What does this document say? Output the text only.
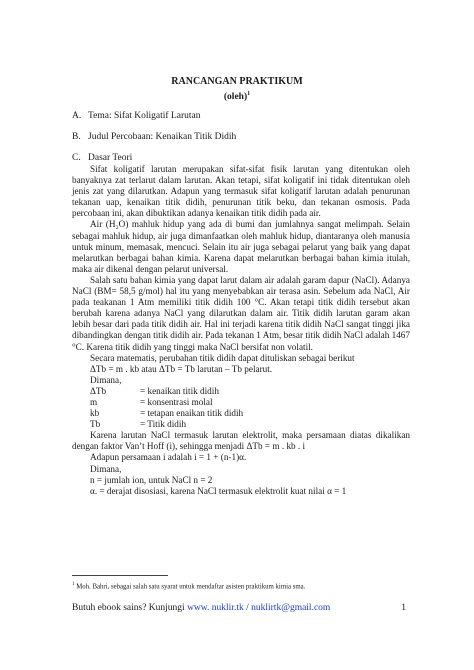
RANCANGAN PRAKTIKUM
(oleh)$^1$
A. Tema: Sifat Koligatif Larutan
B. Judul Percobaan: Kenaikan Titik Didih
C. Dasar Teori

Sifat koligatif larutan merupakan sifat-sifat fisik larutan yang ditentukan oleh banyaknya zat terlarut dalam larutan. Akan tetapi, sifat koligatif ini tidak ditentukan oleh jenis zat yang dilarutkan. Adapun yang termasuk sifat koligatif larutan adalah penurunan tekanan uap, kenaikan titik didih, penurunan titik beku, dan tekanan osmosis. Pada percobaan ini, akan dibuktikan adanya kenaikan titik didih pada air.

Air (H₂O) mahluk hidup yang ada di bumi dan jumlahnya sangat melimpah. Selain sebagai mahluk hidup, air juga dimanfaatkan oleh mahluk hidup, diantaranya oleh manusia untuk minum, memasak, mencuci. Selain itu air juga sebagai pelarut yang baik yang dapat melarutkan berbagai bahan kimia. Karena dapat melarutkan berbagai bahan kimia itulah, maka air dikenal dengan pelarut universal.

Salah satu bahan kimia yang dapat larut dalam air adalah garam dapur (NaCl). Adanya NaCl (BM= 58,5 g/mol) hal itu yang menyebabkan air terasa asin. Sebelum ada NaCl, Air pada teakanan 1 Atm memiliki titik didih 100 °C. Akan tetapi titik didih tersebut akan berubah karena adanya NaCl yang dilarutkan dalam air. Titik didih larutan garam akan lebih besar dari pada titik didih air. Hal ini terjadi karena titik didih NaCl sangat tinggi jika dibandingkan dengan titik didih air. Pada tekanan 1 Atm, besar titik didih NaCl adalah 1467 °C. Karena titik didih yang tinggi maka NaCl bersifat non volatil.

Secara matematis, perubahan titik didih dapat dituliskan sebagai berikut

ΔTb = m . kb atau ΔTb = Tb larutan – Tb pelarut.

Dimana,

ΔTb	= kenaikan titik didih
m	= konsentrasi molal
kb	= tetapan enaikan titik didih
Tb	= Titik didih

Karena larutan NaCl termasuk larutan elektrolit, maka persamaan diatas dikalikan dengan faktor Van’t Hoff (i), sehingga menjadi ΔTb = m . kb . i

Adapun persamaan i adalah i = 1 + (n-1)α.

Dimana,

n = jumlah ion, untuk NaCl n = 2

α. = derajat disosiasi, karena NaCl termasuk elektrolit kuat nilai α = 1

$^1$ Moh. Bahri, sebagai salah satu syarat untuk mendaftar asisten praktikum kimia sma.
Butuh ebook sains? Kunjungi www. nuklir.tk / nuklirtk@gmail.com	1
